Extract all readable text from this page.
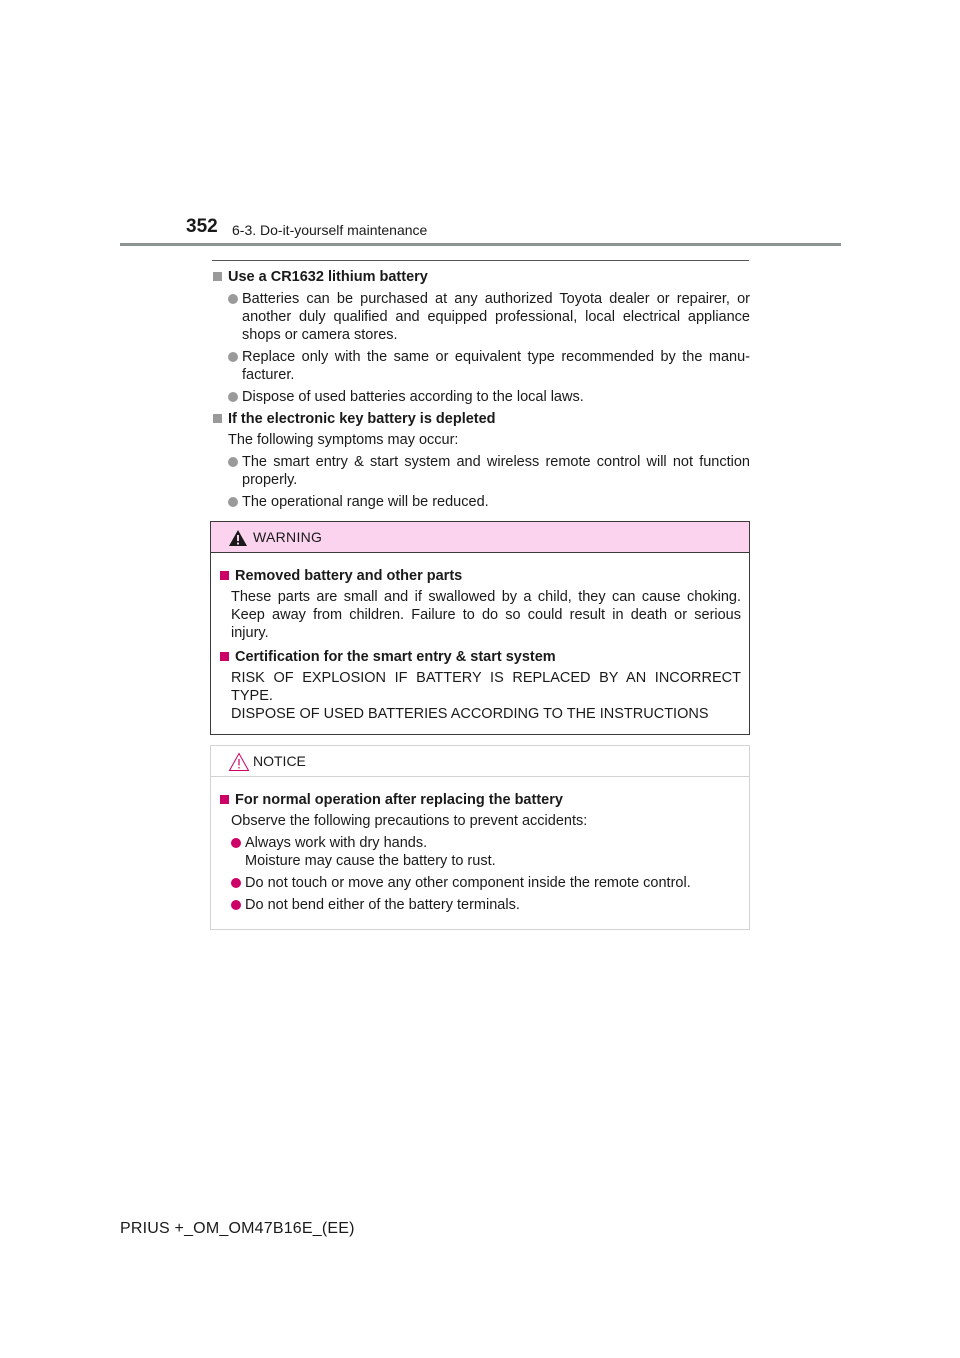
352 6-3. Do-it-yourself maintenance
Use a CR1632 lithium battery
Batteries can be purchased at any authorized Toyota dealer or repairer, or another duly qualified and equipped professional, local electrical appliance shops or camera stores.
Replace only with the same or equivalent type recommended by the manu-facturer.
Dispose of used batteries according to the local laws.
If the electronic key battery is depleted
The following symptoms may occur:
The smart entry & start system and wireless remote control will not function properly.
The operational range will be reduced.
WARNING
Removed battery and other parts
These parts are small and if swallowed by a child, they can cause choking. Keep away from children. Failure to do so could result in death or serious injury.
Certification for the smart entry & start system
RISK OF EXPLOSION IF BATTERY IS REPLACED BY AN INCORRECT TYPE.
DISPOSE OF USED BATTERIES ACCORDING TO THE INSTRUCTIONS
NOTICE
For normal operation after replacing the battery
Observe the following precautions to prevent accidents:
Always work with dry hands.
Moisture may cause the battery to rust.
Do not touch or move any other component inside the remote control.
Do not bend either of the battery terminals.
PRIUS +_OM_OM47B16E_(EE)
